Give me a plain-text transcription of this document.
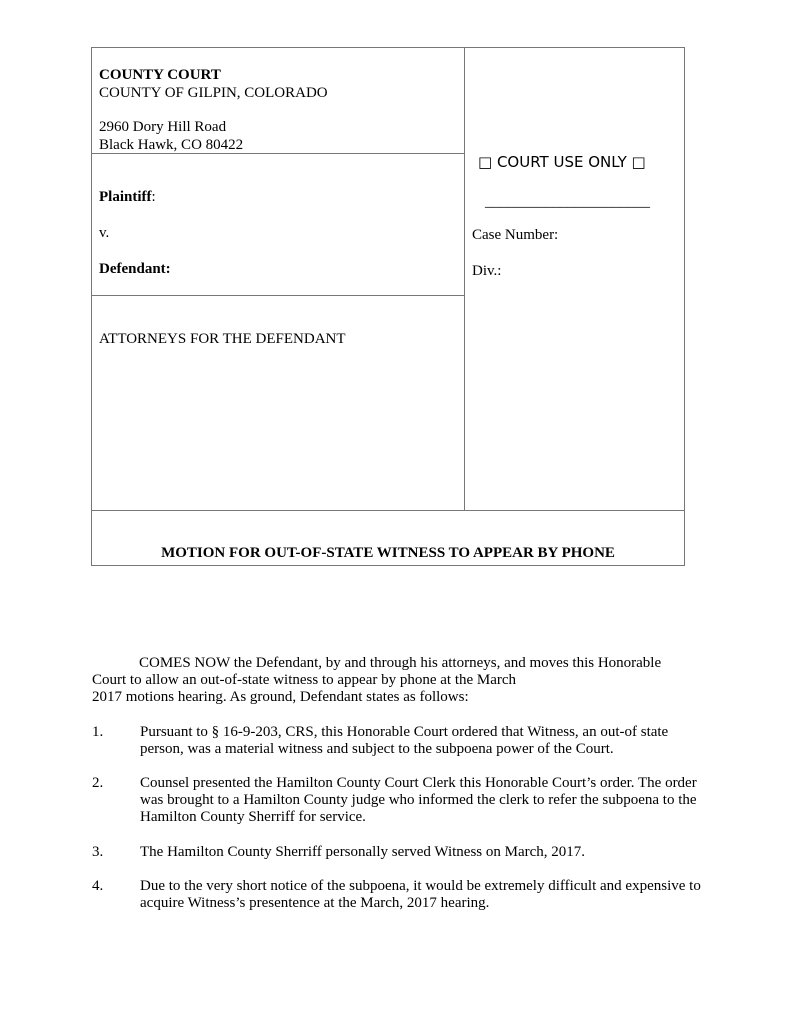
COUNTY COURT
COUNTY OF GILPIN, COLORADO
2960 Dory Hill Road
Black Hawk, CO 80422
Plaintiff:
v.
Defendant:
ATTORNEYS FOR THE DEFENDANT
□ COURT USE ONLY □
______________________
Case Number:
Div.:
MOTION FOR OUT-OF-STATE WITNESS TO APPEAR BY PHONE
COMES NOW the Defendant, by and through his attorneys, and moves this Honorable
Court to allow an out-of-state witness to appear by phone at the March
2017 motions hearing. As ground, Defendant states as follows:
1. Pursuant to § 16-9-203, CRS, this Honorable Court ordered that Witness, an out-of state
person, was a material witness and subject to the subpoena power of the Court.
2. Counsel presented the Hamilton County Court Clerk this Honorable Court’s order. The order
was brought to a Hamilton County judge who informed the clerk to refer the subpoena to the
Hamilton County Sherriff for service.
3. The Hamilton County Sherriff personally served Witness on March, 2017.
4. Due to the very short notice of the subpoena, it would be extremely difficult and expensive to
acquire Witness’s presentence at the March, 2017 hearing.
